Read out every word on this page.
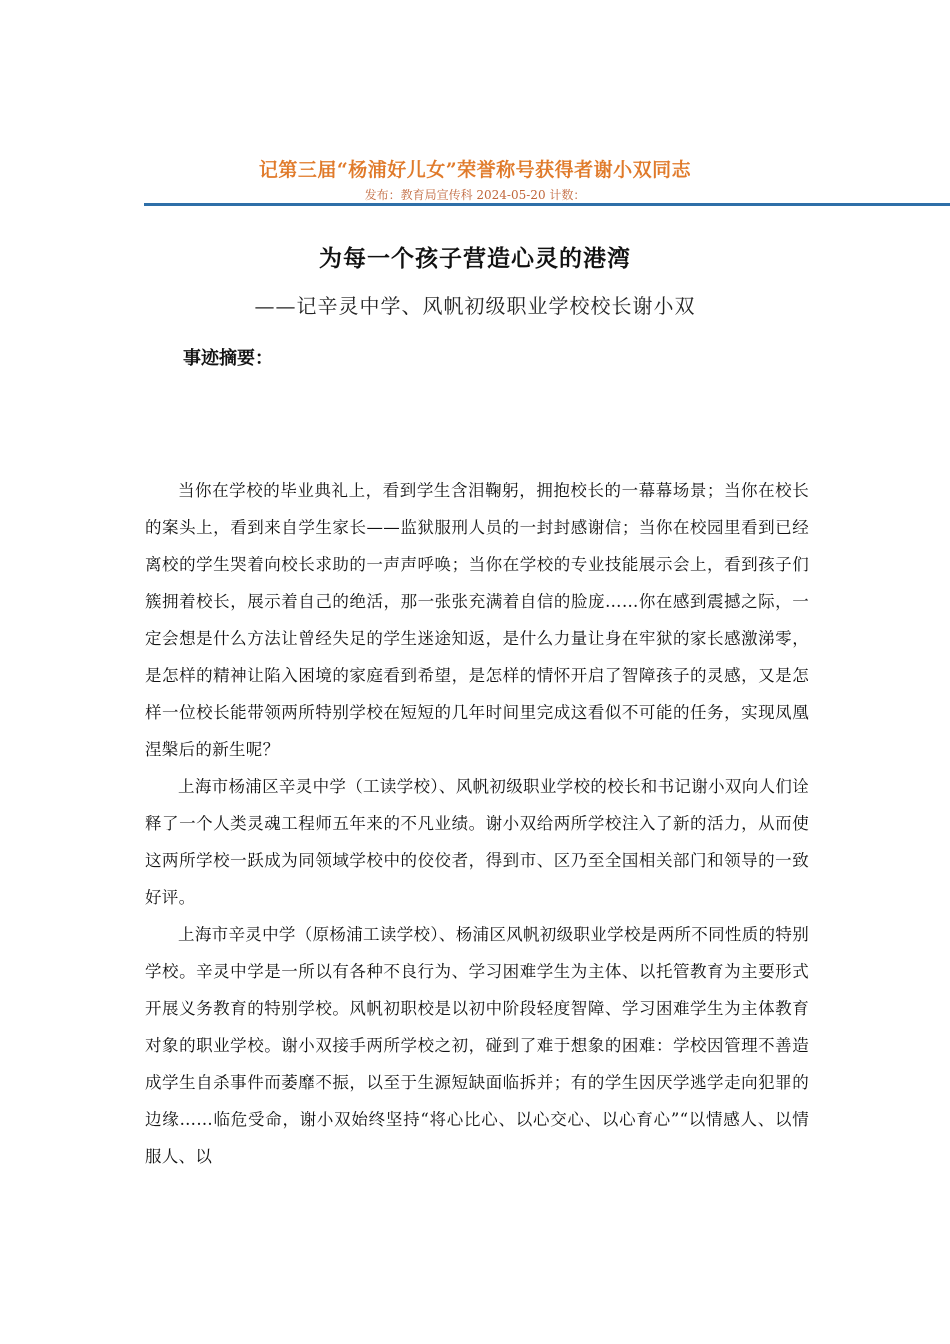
记第三届“杨浦好儿女”荣誉称号获得者谢小双同志
发布：教育局宣传科 2024-05-20 计数：
为每一个孩子营造心灵的港湾
——记辛灵中学、风帆初级职业学校校长谢小双
事迹摘要：

当你在学校的毕业典礼上，看到学生含泪鞠躬，拥抱校长的一幕幕场景；当你在校长的案头上，看到来自学生家长——监狱服刑人员的一封封感谢信；当你在校园里看到已经离校的学生哭着向校长求助的一声声呼唤；当你在学校的专业技能展示会上，看到孩子们簇拥着校长，展示着自己的绝活，那一张张充满着自信的脸庞……你在感到震撼之际，一定会想是什么方法让曾经失足的学生迷途知返，是什么力量让身在牢狱的家长感激涕零，是怎样的精神让陷入困境的家庭看到希望，是怎样的情怀开启了智障孩子的灵感，又是怎样一位校长能带领两所特别学校在短短的几年时间里完成这看似不可能的任务，实现凤凰涅槃后的新生呢？

上海市杨浦区辛灵中学（工读学校）、风帆初级职业学校的校长和书记谢小双向人们诠释了一个人类灵魂工程师五年来的不凡业绩。谢小双给两所学校注入了新的活力，从而使这两所学校一跃成为同领域学校中的佼佼者，得到市、区乃至全国相关部门和领导的一致好评。

上海市辛灵中学（原杨浦工读学校）、杨浦区风帆初级职业学校是两所不同性质的特别学校。辛灵中学是一所以有各种不良行为、学习困难学生为主体、以托管教育为主要形式开展义务教育的特别学校。风帆初职校是以初中阶段轻度智障、学习困难学生为主体教育对象的职业学校。谢小双接手两所学校之初，碰到了难于想象的困难：学校因管理不善造成学生自杀事件而萎靡不振，以至于生源短缺面临拆并；有的学生因厌学逃学走向犯罪的边缘……临危受命，谢小双始终坚持“将心比心、以心交心、以心育心”“以情感人、以情服人、以
